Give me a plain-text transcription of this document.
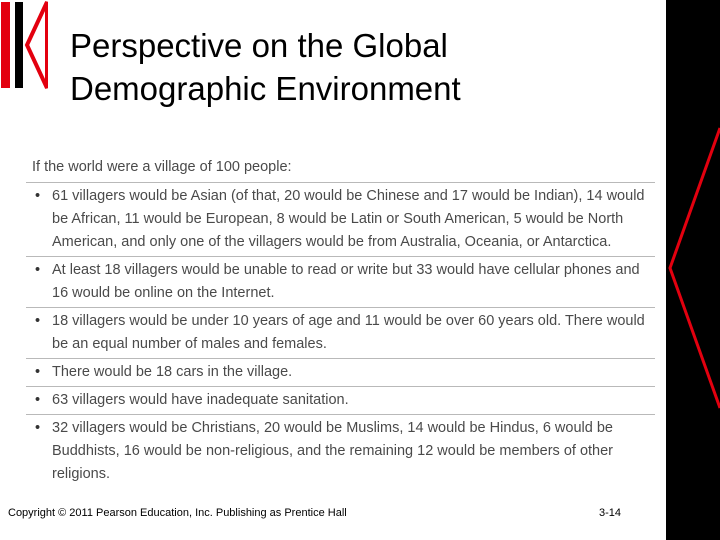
Perspective on the Global
Demographic Environment
If the world were a village of 100 people:
• 61 villagers would be Asian (of that, 20 would be Chinese and 17 would be Indian), 14 would be African, 11 would be European, 8 would be Latin or South American, 5 would be North American, and only one of the villagers would be from Australia, Oceania, or Antarctica.
• At least 18 villagers would be unable to read or write but 33 would have cellular phones and 16 would be online on the Internet.
• 18 villagers would be under 10 years of age and 11 would be over 60 years old. There would be an equal number of males and females.
• There would be 18 cars in the village.
• 63 villagers would have inadequate sanitation.
• 32 villagers would be Christians, 20 would be Muslims, 14 would be Hindus, 6 would be Buddhists, 16 would be non-religious, and the remaining 12 would be members of other religions.
Copyright © 2011 Pearson Education, Inc. Publishing as Prentice Hall	3-14
